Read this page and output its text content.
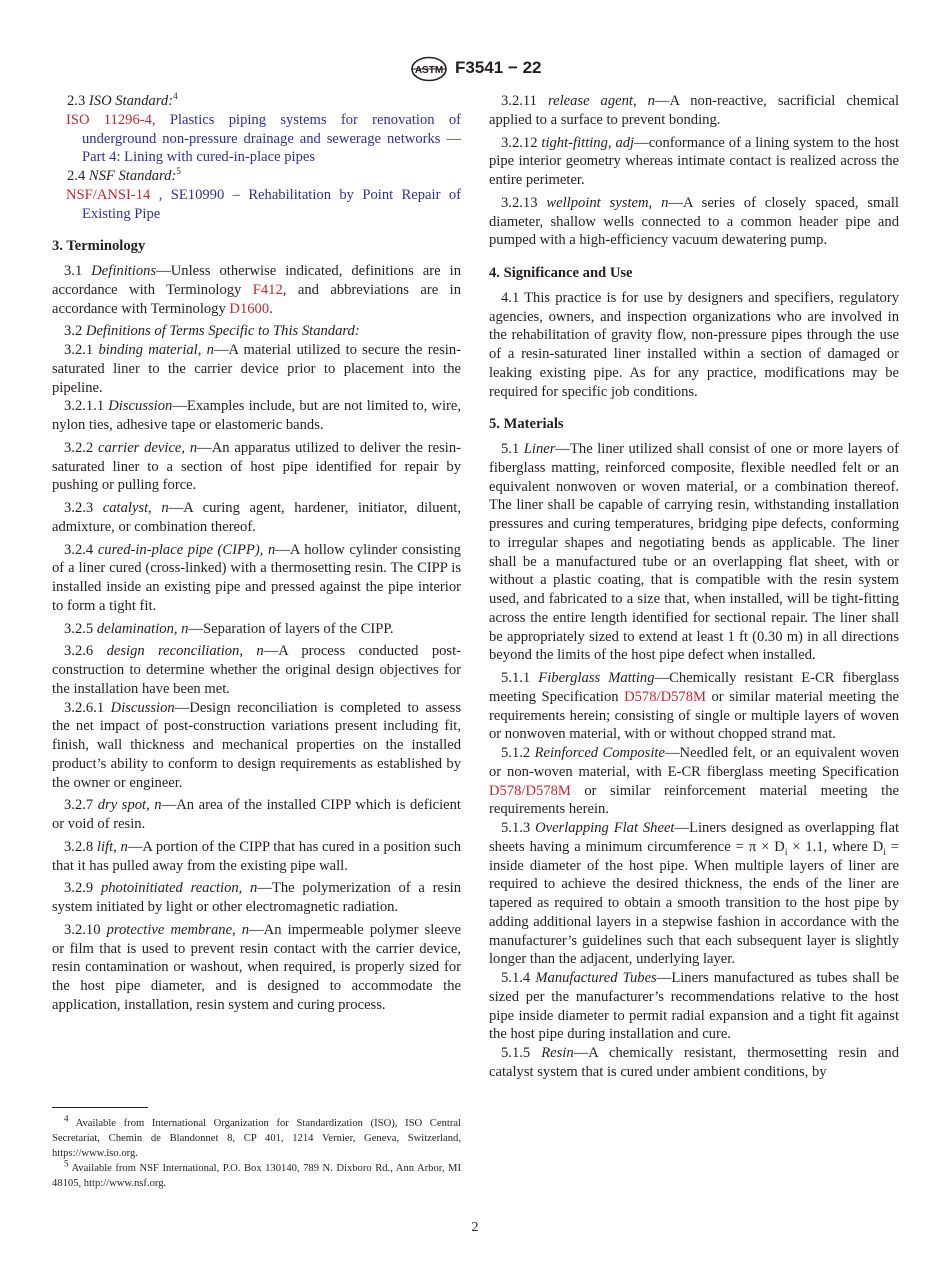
ASTM F3541 − 22

2.3 ISO Standard:$^4$

ISO 11296-4, Plastics piping systems for renovation of underground non-pressure drainage and sewerage networks — Part 4: Lining with cured-in-place pipes

2.4 NSF Standard:$^5$

NSF/ANSI-14 , SE10990 – Rehabilitation by Point Repair of Existing Pipe

3. Terminology

3.1 Definitions—Unless otherwise indicated, definitions are in accordance with Terminology F412, and abbreviations are in accordance with Terminology D1600.

3.2 Definitions of Terms Specific to This Standard:

3.2.1 binding material, n—A material utilized to secure the resin-saturated liner to the carrier device prior to placement into the pipeline.

3.2.1.1 Discussion—Examples include, but are not limited to, wire, nylon ties, adhesive tape or elastomeric bands.

3.2.2 carrier device, n—An apparatus utilized to deliver the resin-saturated liner to a section of host pipe identified for repair by pushing or pulling force.

3.2.3 catalyst, n—A curing agent, hardener, initiator, diluent, admixture, or combination thereof.

3.2.4 cured-in-place pipe (CIPP), n—A hollow cylinder consisting of a liner cured (cross-linked) with a thermosetting resin. The CIPP is installed inside an existing pipe and pressed against the pipe interior to form a tight fit.

3.2.5 delamination, n—Separation of layers of the CIPP.

3.2.6 design reconciliation, n—A process conducted post-construction to determine whether the original design objectives for the installation have been met.

3.2.6.1 Discussion—Design reconciliation is completed to assess the net impact of post-construction variations present including fit, finish, wall thickness and mechanical properties on the installed product’s ability to conform to design requirements as established by the owner or engineer.

3.2.7 dry spot, n—An area of the installed CIPP which is deficient or void of resin.

3.2.8 lift, n—A portion of the CIPP that has cured in a position such that it has pulled away from the existing pipe wall.

3.2.9 photoinitiated reaction, n—The polymerization of a resin system initiated by light or other electromagnetic radiation.

3.2.10 protective membrane, n—An impermeable polymer sleeve or film that is used to prevent resin contact with the carrier device, resin contamination or washout, when required, is properly sized for the host pipe diameter, and is designed to accommodate the application, installation, resin system and curing process.

3.2.11 release agent, n—A non-reactive, sacrificial chemical applied to a surface to prevent bonding.

3.2.12 tight-fitting, adj—conformance of a lining system to the host pipe interior geometry whereas intimate contact is realized across the entire perimeter.

3.2.13 wellpoint system, n—A series of closely spaced, small diameter, shallow wells connected to a common header pipe and pumped with a high-efficiency vacuum dewatering pump.

4. Significance and Use

4.1 This practice is for use by designers and specifiers, regulatory agencies, owners, and inspection organizations who are involved in the rehabilitation of gravity flow, non-pressure pipes through the use of a resin-saturated liner installed within a section of damaged or leaking existing pipe. As for any practice, modifications may be required for specific job conditions.

5. Materials

5.1 Liner—The liner utilized shall consist of one or more layers of fiberglass matting, reinforced composite, flexible needled felt or an equivalent nonwoven or woven material, or a combination thereof. The liner shall be capable of carrying resin, withstanding installation pressures and curing temperatures, bridging pipe defects, conforming to irregular shapes and negotiating bends as applicable. The liner shall be a manufactured tube or an overlapping flat sheet, with or without a plastic coating, that is compatible with the resin system used, and fabricated to a size that, when installed, will be tight-fitting across the entire length identified for sectional repair. The liner shall be appropriately sized to extend at least 1 ft (0.30 m) in all directions beyond the limits of the host pipe defect when installed.

5.1.1 Fiberglass Matting—Chemically resistant E-CR fiberglass meeting Specification D578/D578M or similar material meeting the requirements herein; consisting of single or multiple layers of woven or nonwoven material, with or without chopped strand mat.

5.1.2 Reinforced Composite—Needled felt, or an equivalent woven or non-woven material, with E-CR fiberglass meeting Specification D578/D578M or similar reinforcement material meeting the requirements herein.

5.1.3 Overlapping Flat Sheet—Liners designed as overlapping flat sheets having a minimum circumference = $\pi \times D_i \times 1.1$, where $D_i$ = inside diameter of the host pipe. When multiple layers of liner are required to achieve the desired thickness, the ends of the liner are tapered as required to obtain a smooth transition to the host pipe by adding additional layers in a stepwise fashion in accordance with the manufacturer’s guidelines such that each subsequent layer is slightly longer than the adjacent, underlying layer.

5.1.4 Manufactured Tubes—Liners manufactured as tubes shall be sized per the manufacturer’s recommendations relative to the host pipe inside diameter to permit radial expansion and a tight fit against the host pipe during installation and cure.

5.1.5 Resin—A chemically resistant, thermosetting resin and catalyst system that is cured under ambient conditions, by

$^4$ Available from International Organization for Standardization (ISO), ISO Central Secretariat, Chemin de Blandonnet 8, CP 401, 1214 Vernier, Geneva, Switzerland, https://www.iso.org.

$^5$ Available from NSF International, P.O. Box 130140, 789 N. Dixboro Rd., Ann Arbor, MI 48105, http://www.nsf.org.

2
